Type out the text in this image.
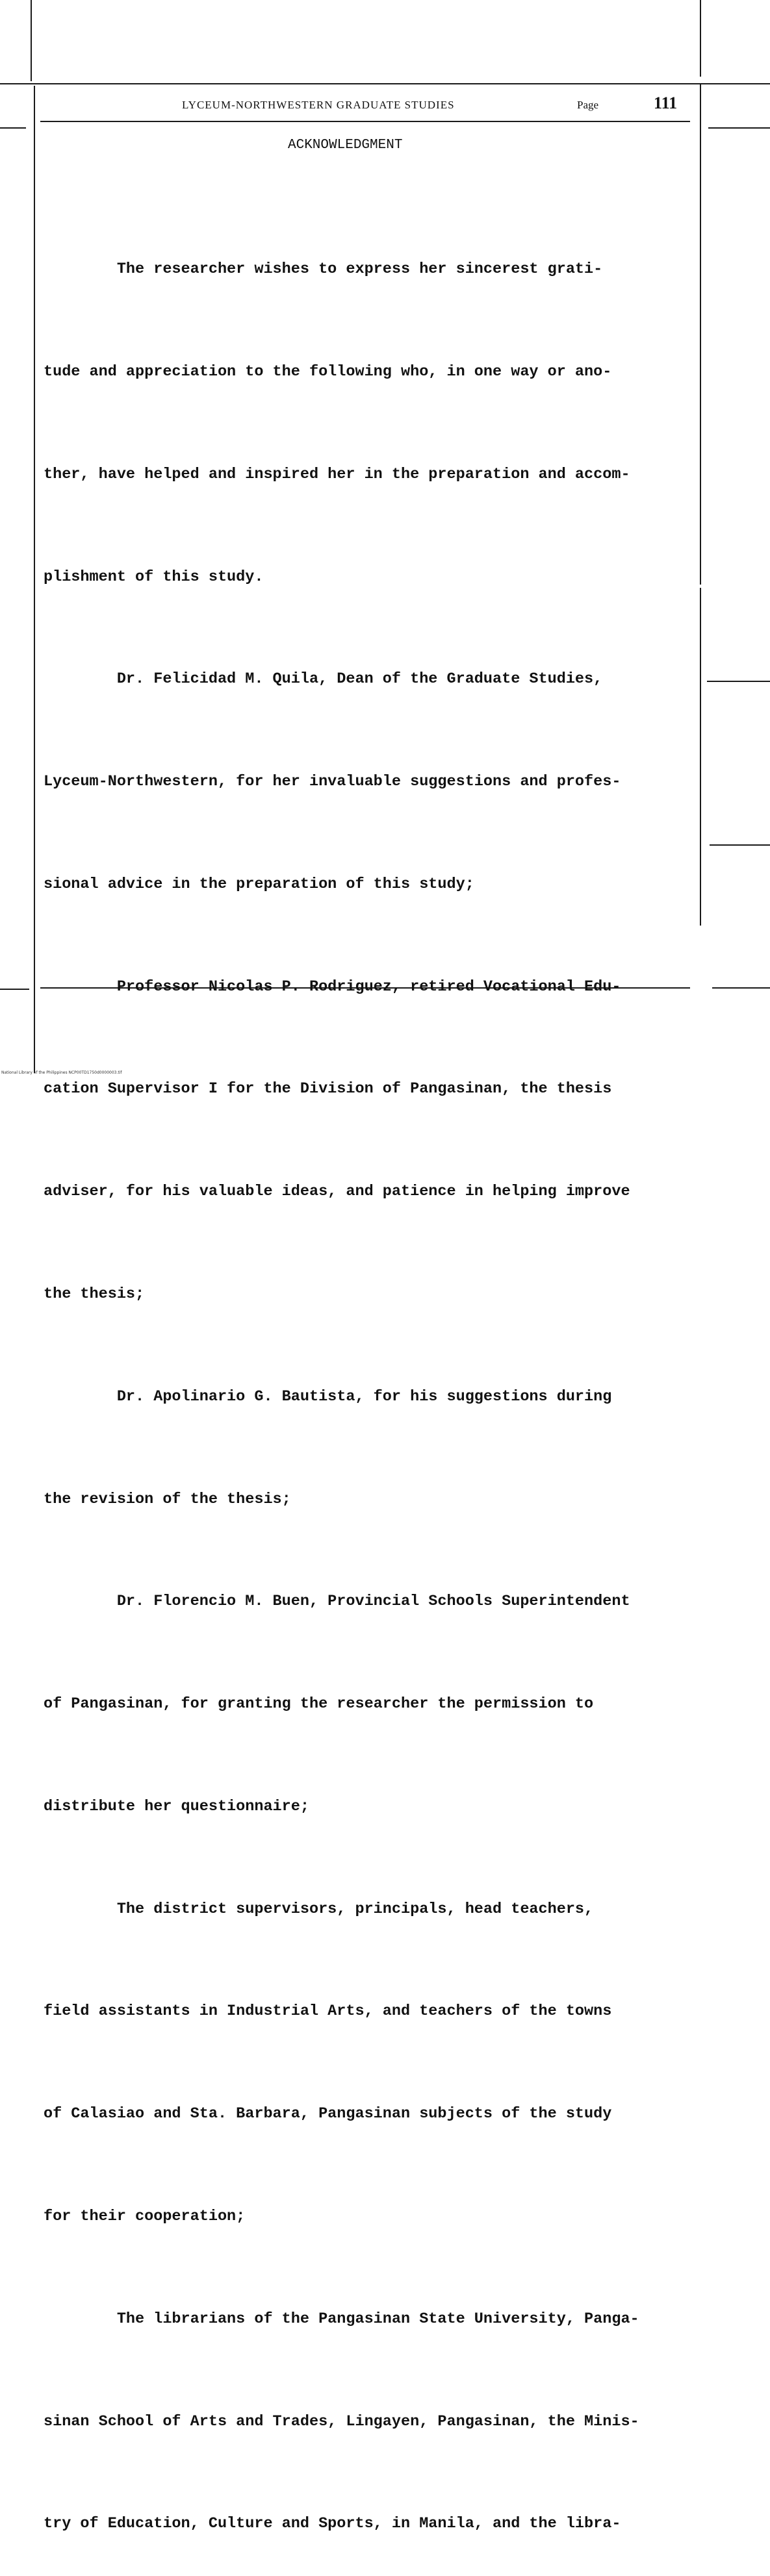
LYCEUM-NORTHWESTERN GRADUATE STUDIES	Page	111
ACKNOWLEDGMENT

The researcher wishes to express her sincerest grati-

tude and appreciation to the following who, in one way or ano-

ther, have helped and inspired her in the preparation and accom-

plishment of this study.

Dr. Felicidad M. Quila, Dean of the Graduate Studies,

Lyceum-Northwestern, for her invaluable suggestions and profes-

sional advice in the preparation of this study;

Professor Nicolas P. Rodriguez, retired Vocational Edu-

cation Supervisor I for the Division of Pangasinan, the thesis

adviser, for his valuable ideas, and patience in helping improve

the thesis;

Dr. Apolinario G. Bautista, for his suggestions during

the revision of the thesis;

Dr. Florencio M. Buen, Provincial Schools Superintendent

of Pangasinan, for granting the researcher the permission to

distribute her questionnaire;

The district supervisors, principals, head teachers,

field assistants in Industrial Arts, and teachers of the towns

of Calasiao and Sta. Barbara, Pangasinan subjects of the study

for their cooperation;

The librarians of the Pangasinan State University, Panga-

sinan School of Arts and Trades, Lingayen, Pangasinan, the Minis-

try of Education, Culture and Sports, in Manila, and the libra-

National Library of the Philippines NCP00TD1750d0000003.tif
